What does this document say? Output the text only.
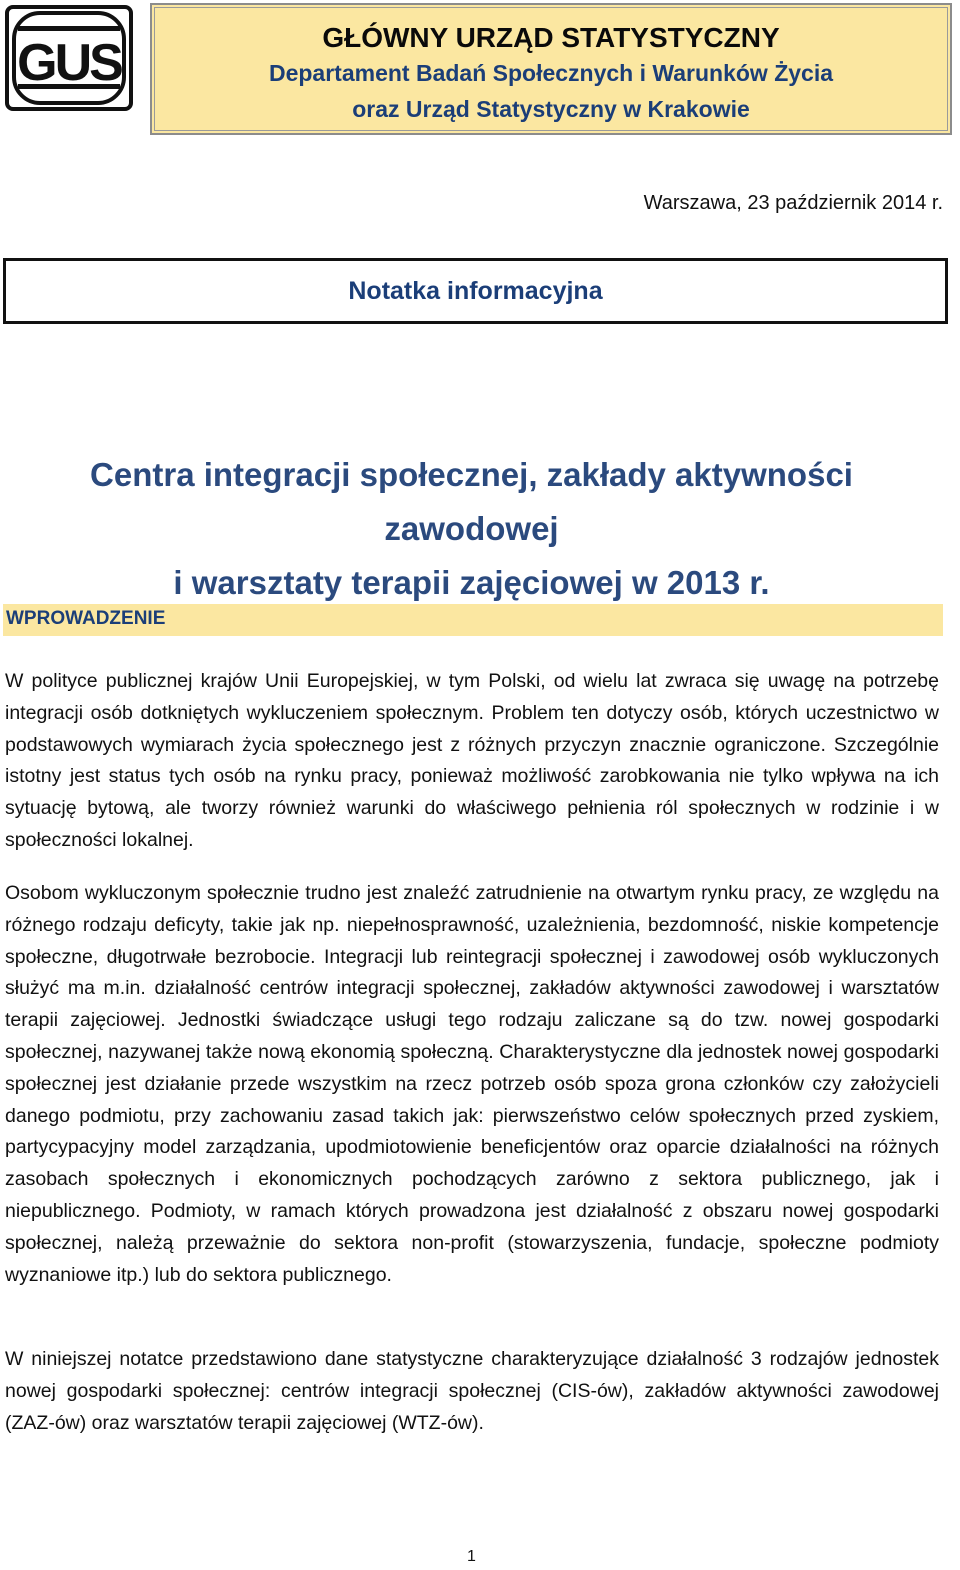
GUS	GŁÓWNY URZĄD STATYSTYCZNY
Departament Badań Społecznych i Warunków Życia
oraz Urząd Statystyczny w Krakowie
Warszawa, 23 październik 2014 r.
Notatka informacyjna
Centra integracji społecznej, zakłady aktywności zawodowej
i warsztaty terapii zajęciowej w 2013 r.
WPROWADZENIE
W polityce publicznej krajów Unii Europejskiej, w tym Polski, od wielu lat zwraca się uwagę na potrzebę integracji osób dotkniętych wykluczeniem społecznym. Problem ten dotyczy osób, których uczestnictwo w podstawowych wymiarach życia społecznego jest z różnych przyczyn znacznie ograniczone. Szczególnie istotny jest status tych osób na rynku pracy, ponieważ możliwość zarobkowania nie tylko wpływa na ich sytuację bytową, ale tworzy również warunki do właściwego pełnienia ról społecznych w rodzinie i w społeczności lokalnej.
Osobom wykluczonym społecznie trudno jest znaleźć zatrudnienie na otwartym rynku pracy, ze względu na różnego rodzaju deficyty, takie jak np. niepełnosprawność, uzależnienia, bezdomność, niskie kompetencje społeczne, długotrwałe bezrobocie. Integracji lub reintegracji społecznej i zawodowej osób wykluczonych służyć ma m.in. działalność centrów integracji społecznej, zakładów aktywności zawodowej i warsztatów terapii zajęciowej. Jednostki świadczące usługi tego rodzaju zaliczane są do tzw. nowej gospodarki społecznej, nazywanej także nową ekonomią społeczną. Charakterystyczne dla jednostek nowej gospodarki społecznej jest działanie przede wszystkim na rzecz potrzeb osób spoza grona członków czy założycieli danego podmiotu, przy zachowaniu zasad takich jak: pierwszeństwo celów społecznych przed zyskiem, partycypacyjny model zarządzania, upodmiotowienie beneficjentów oraz oparcie działalności na różnych zasobach społecznych i ekonomicznych pochodzących zarówno z sektora publicznego, jak i niepublicznego. Podmioty, w ramach których prowadzona jest działalność z obszaru nowej gospodarki społecznej, należą przeważnie do sektora non-profit (stowarzyszenia, fundacje, społeczne podmioty wyznaniowe itp.) lub do sektora publicznego.
W niniejszej notatce przedstawiono dane statystyczne charakteryzujące działalność 3 rodzajów jednostek nowej gospodarki społecznej: centrów integracji społecznej (CIS-ów), zakładów aktywności zawodowej (ZAZ-ów) oraz warsztatów terapii zajęciowej (WTZ-ów).
1
